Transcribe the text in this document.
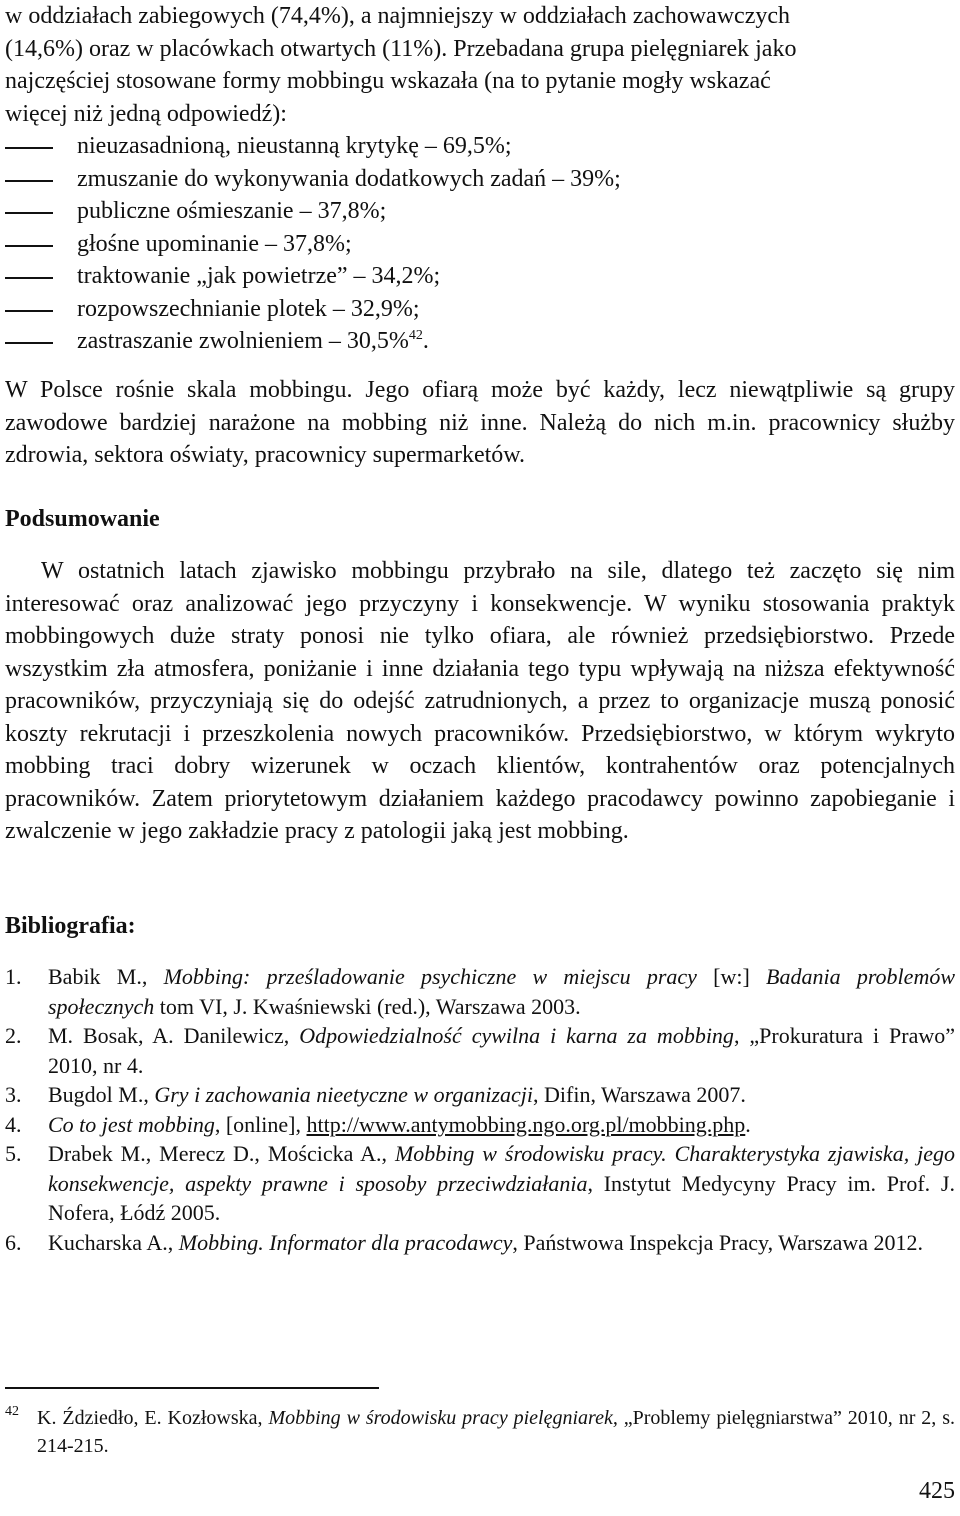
w oddziałach zabiegowych (74,4%), a najmniejszy w oddziałach zachowawczych
(14,6%) oraz w placówkach otwartych (11%). Przebadana grupa pielęgniarek jako
najczęściej stosowane formy mobbingu wskazała (na to pytanie mogły wskazać
więcej niż jedną odpowiedź):

nieuzasadnioną, nieustanną krytykę – 69,5%;
zmuszanie do wykonywania dodatkowych zadań – 39%;
publiczne ośmieszanie – 37,8%;
głośne upominanie – 37,8%;
traktowanie „jak powietrze” – 34,2%;
rozpowszechnianie plotek – 32,9%;
zastraszanie zwolnieniem – 30,5%$^{42}$.

W Polsce rośnie skala mobbingu. Jego ofiarą może być każdy, lecz niewątpliwie są grupy zawodowe bardziej narażone na mobbing niż inne. Należą do nich m.in. pracownicy służby zdrowia, sektora oświaty, pracownicy supermarketów.

Podsumowanie

W ostatnich latach zjawisko mobbingu przybrało na sile, dlatego też zaczęto się nim interesować oraz analizować jego przyczyny i konsekwencje. W wyniku stosowania praktyk mobbingowych duże straty ponosi nie tylko ofiara, ale również przedsiębiorstwo. Przede wszystkim zła atmosfera, poniżanie i inne działania tego typu wpływają na niższa efektywność pracowników, przyczyniają się do odejść zatrudnionych, a przez to organizacje muszą ponosić koszty rekrutacji i przeszkolenia nowych pracowników. Przedsiębiorstwo, w którym wykryto mobbing traci dobry wizerunek w oczach klientów, kontrahentów oraz potencjalnych pracowników. Zatem priorytetowym działaniem każdego pracodawcy powinno zapobieganie i zwalczenie w jego zakładzie pracy z patologii jaką jest mobbing.

Bibliografia:
1. Babik M., Mobbing: prześladowanie psychiczne w miejscu pracy [w:] Badania problemów społecznych tom VI, J. Kwaśniewski (red.), Warszawa 2003.
2. M. Bosak, A. Danilewicz, Odpowiedzialność cywilna i karna za mobbing, „Prokuratura i Prawo” 2010, nr 4.
3. Bugdol M., Gry i zachowania nieetyczne w organizacji, Difin, Warszawa 2007.
4. Co to jest mobbing, [online], http://www.antymobbing.ngo.org.pl/mobbing.php.
5. Drabek M., Merecz D., Mościcka A., Mobbing w środowisku pracy. Charakterystyka zjawiska, jego konsekwencje, aspekty prawne i sposoby przeciwdziałania, Instytut Medycyny Pracy im. Prof. J. Nofera, Łódź 2005.
6. Kucharska A., Mobbing. Informator dla pracodawcy, Państwowa Inspekcja Pracy, Warszawa 2012.

42 K. Ździedło, E. Kozłowska, Mobbing w środowisku pracy pielęgniarek, „Problemy pielęgniarstwa” 2010, nr 2, s. 214-215.

425
